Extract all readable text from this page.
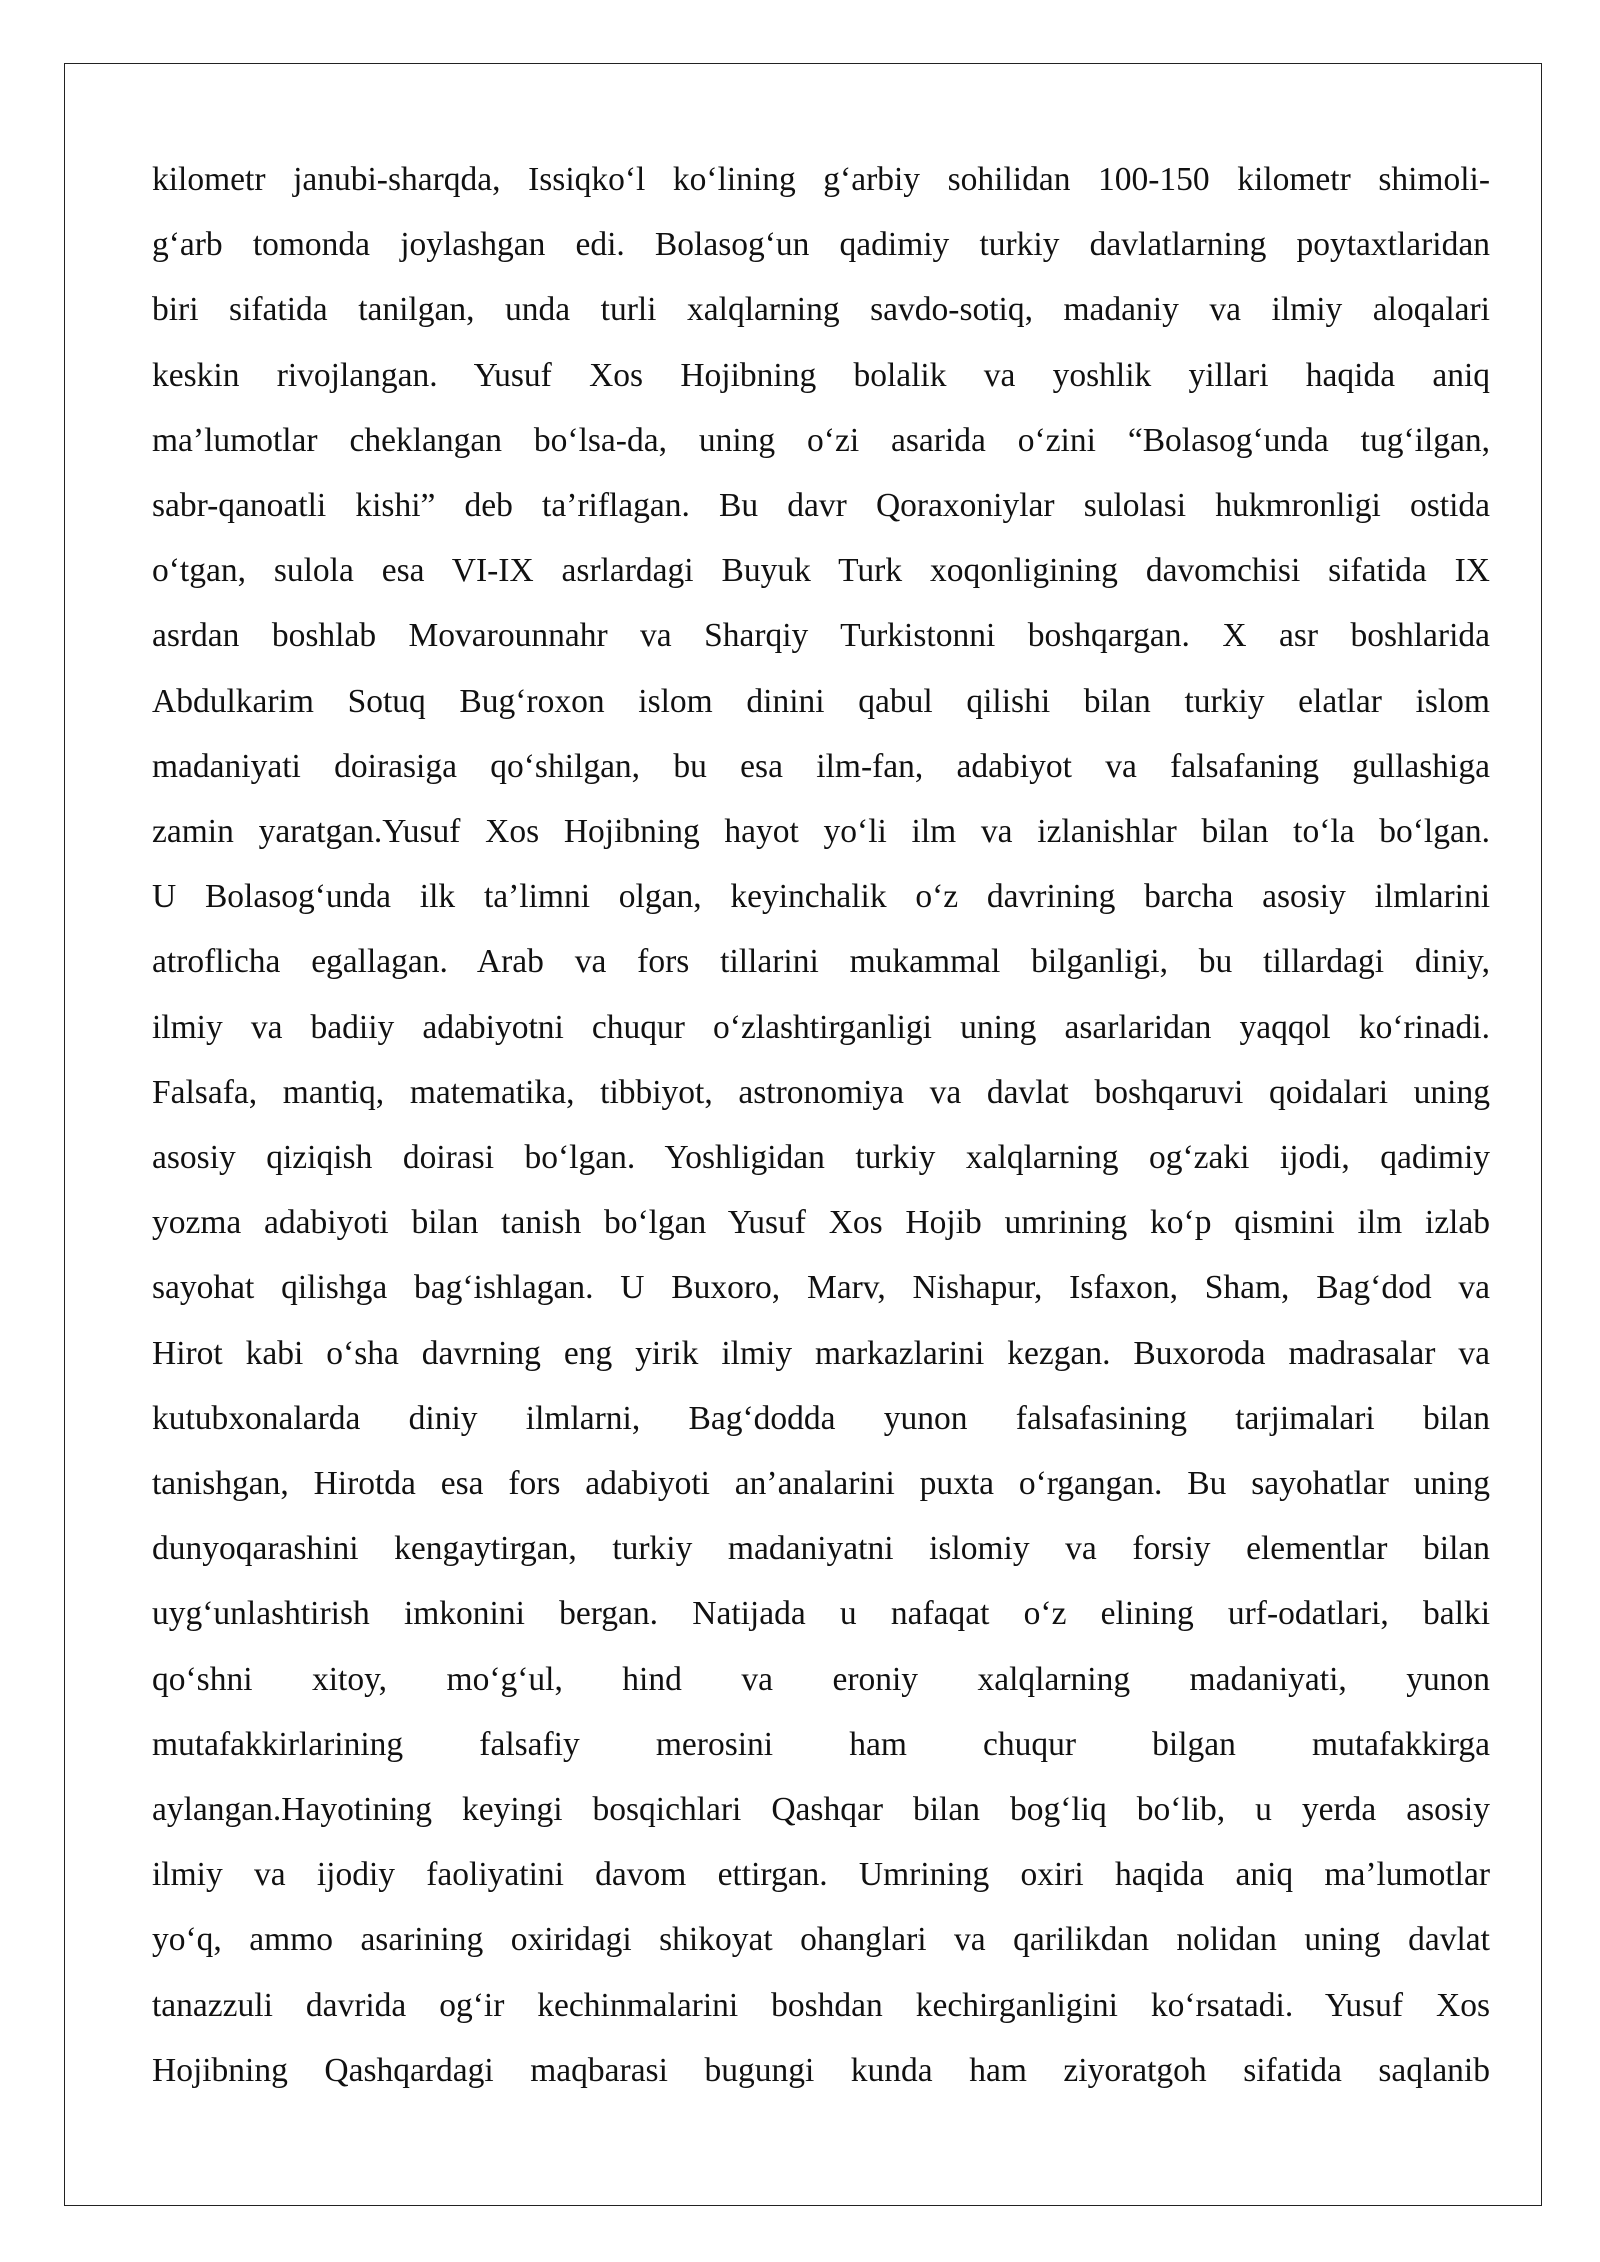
kilometr janubi-sharqda, Issiqko‘l ko‘lining g‘arbiy sohilidan 100-150 kilometr shimoli-
g‘arb tomonda joylashgan edi. Bolasog‘un qadimiy turkiy davlatlarning poytaxtlaridan
biri sifatida tanilgan, unda turli xalqlarning savdo-sotiq, madaniy va ilmiy aloqalari
keskin rivojlangan. Yusuf Xos Hojibning bolalik va yoshlik yillari haqida aniq
ma’lumotlar cheklangan bo‘lsa-da, uning o‘zi asarida o‘zini “Bolasog‘unda tug‘ilgan,
sabr-qanoatli kishi” deb ta’riflagan. Bu davr Qoraxoniylar sulolasi hukmronligi ostida
o‘tgan, sulola esa VI-IX asrlardagi Buyuk Turk xoqonligining davomchisi sifatida IX
asrdan boshlab Movarounnahr va Sharqiy Turkistonni boshqargan. X asr boshlarida
Abdulkarim Sotuq Bug‘roxon islom dinini qabul qilishi bilan turkiy elatlar islom
madaniyati doirasiga qo‘shilgan, bu esa ilm-fan, adabiyot va falsafaning gullashiga
zamin yaratgan.Yusuf Xos Hojibning hayot yo‘li ilm va izlanishlar bilan to‘la bo‘lgan.
U Bolasog‘unda ilk ta’limni olgan, keyinchalik o‘z davrining barcha asosiy ilmlarini
atroflicha egallagan. Arab va fors tillarini mukammal bilganligi, bu tillardagi diniy,
ilmiy va badiiy adabiyotni chuqur o‘zlashtirganligi uning asarlaridan yaqqol ko‘rinadi.
Falsafa, mantiq, matematika, tibbiyot, astronomiya va davlat boshqaruvi qoidalari uning
asosiy qiziqish doirasi bo‘lgan. Yoshligidan turkiy xalqlarning og‘zaki ijodi, qadimiy
yozma adabiyoti bilan tanish bo‘lgan Yusuf Xos Hojib umrining ko‘p qismini ilm izlab
sayohat qilishga bag‘ishlagan. U Buxoro, Marv, Nishapur, Isfaxon, Sham, Bag‘dod va
Hirot kabi o‘sha davrning eng yirik ilmiy markazlarini kezgan. Buxoroda madrasalar va
kutubxonalarda diniy ilmlarni, Bag‘dodda yunon falsafasining tarjimalari bilan
tanishgan, Hirotda esa fors adabiyoti an’analarini puxta o‘rgangan. Bu sayohatlar uning
dunyoqarashini kengaytirgan, turkiy madaniyatni islomiy va forsiy elementlar bilan
uyg‘unlashtirish imkonini bergan. Natijada u nafaqat o‘z elining urf-odatlari, balki
qo‘shni xitoy, mo‘g‘ul, hind va eroniy xalqlarning madaniyati, yunon
mutafakkirlarining falsafiy merosini ham chuqur bilgan mutafakkirga
aylangan.Hayotining keyingi bosqichlari Qashqar bilan bog‘liq bo‘lib, u yerda asosiy
ilmiy va ijodiy faoliyatini davom ettirgan. Umrining oxiri haqida aniq ma’lumotlar
yo‘q, ammo asarining oxiridagi shikoyat ohanglari va qarilikdan nolidan uning davlat
tanazzuli davrida og‘ir kechinmalarini boshdan kechirganligini ko‘rsatadi. Yusuf Xos
Hojibning Qashqardagi maqbarasi bugungi kunda ham ziyoratgoh sifatida saqlanib
